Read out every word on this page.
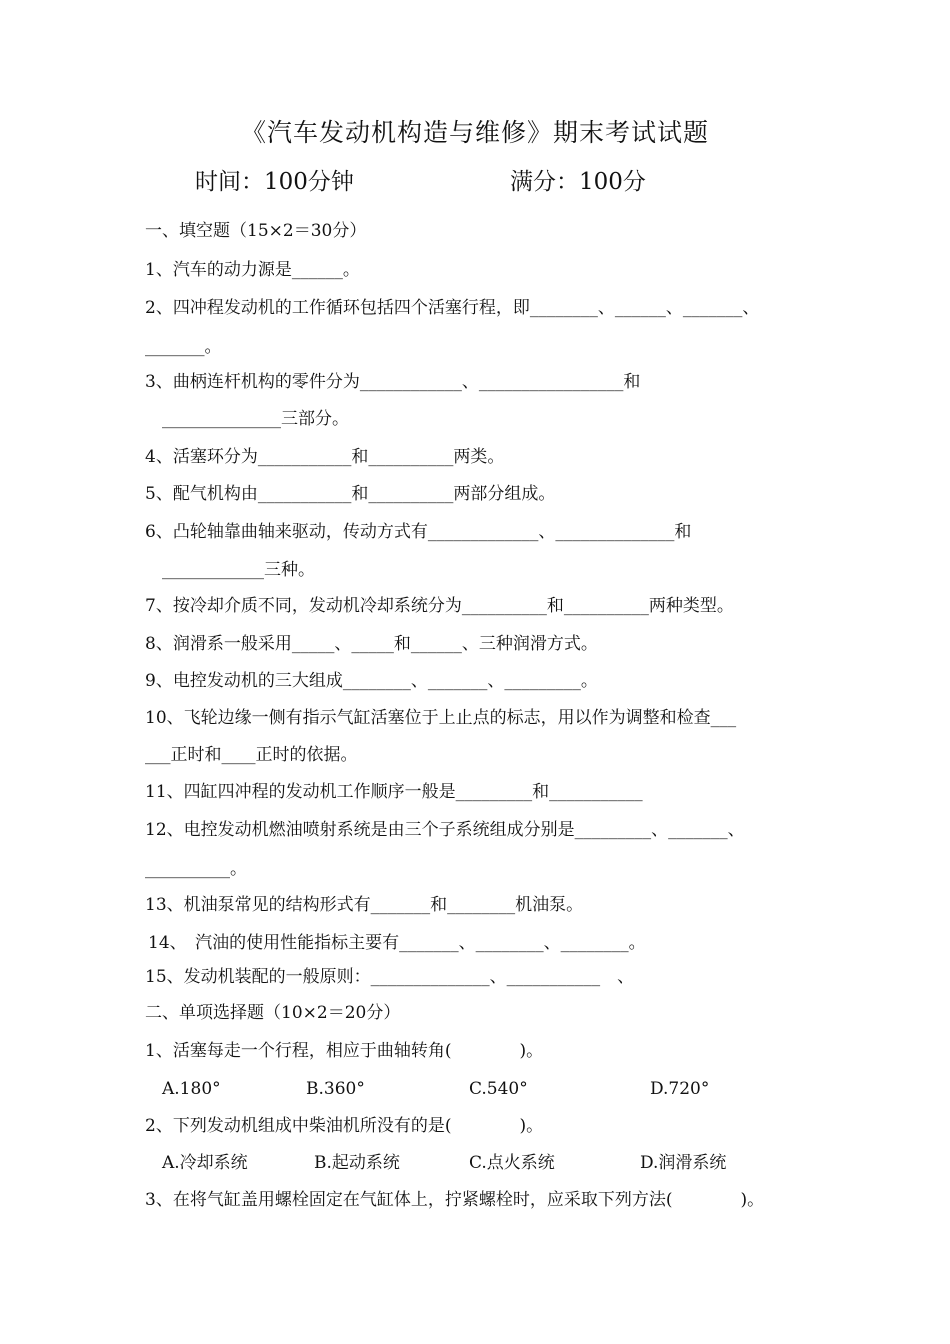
《汽车发动机构造与维修》期末考试试题
时间：100分钟	满分：100分
一、填空题（15×2＝30分）
1、汽车的动力源是______。
2、四冲程发动机的工作循环包括四个活塞行程，即________、______、_______、
_______。
3、曲柄连杆机构的零件分为____________、_________________和
______________三部分。
4、活塞环分为___________和__________两类。
5、配气机构由___________和__________两部分组成。
6、凸轮轴靠曲轴来驱动，传动方式有_____________、______________和
____________三种。
7、按冷却介质不同，发动机冷却系统分为__________和__________两种类型。
8、润滑系一般采用_____、_____和______、三种润滑方式。
9、电控发动机的三大组成________、_______、_________。
10、飞轮边缘一侧有指示气缸活塞位于上止点的标志，用以作为调整和检查___
___正时和____正时的依据。
11、四缸四冲程的发动机工作顺序一般是_________和___________
12、电控发动机燃油喷射系统是由三个子系统组成分别是_________、_______、
__________。
13、机油泵常见的结构形式有_______和________机油泵。
14、　汽油的使用性能指标主要有_______、________、________。
15、发动机装配的一般原则：______________、___________　、
二、单项选择题（10×2＝20分）
1、活塞每走一个行程，相应于曲轴转角(　　　　)。
A.180°	B.360°	C.540°	D.720°
2、下列发动机组成中柴油机所没有的是(　　　　)。
A.冷却系统	B.起动系统	C.点火系统	D.润滑系统
3、在将气缸盖用螺栓固定在气缸体上，拧紧螺栓时，应采取下列方法(　　　　)。
